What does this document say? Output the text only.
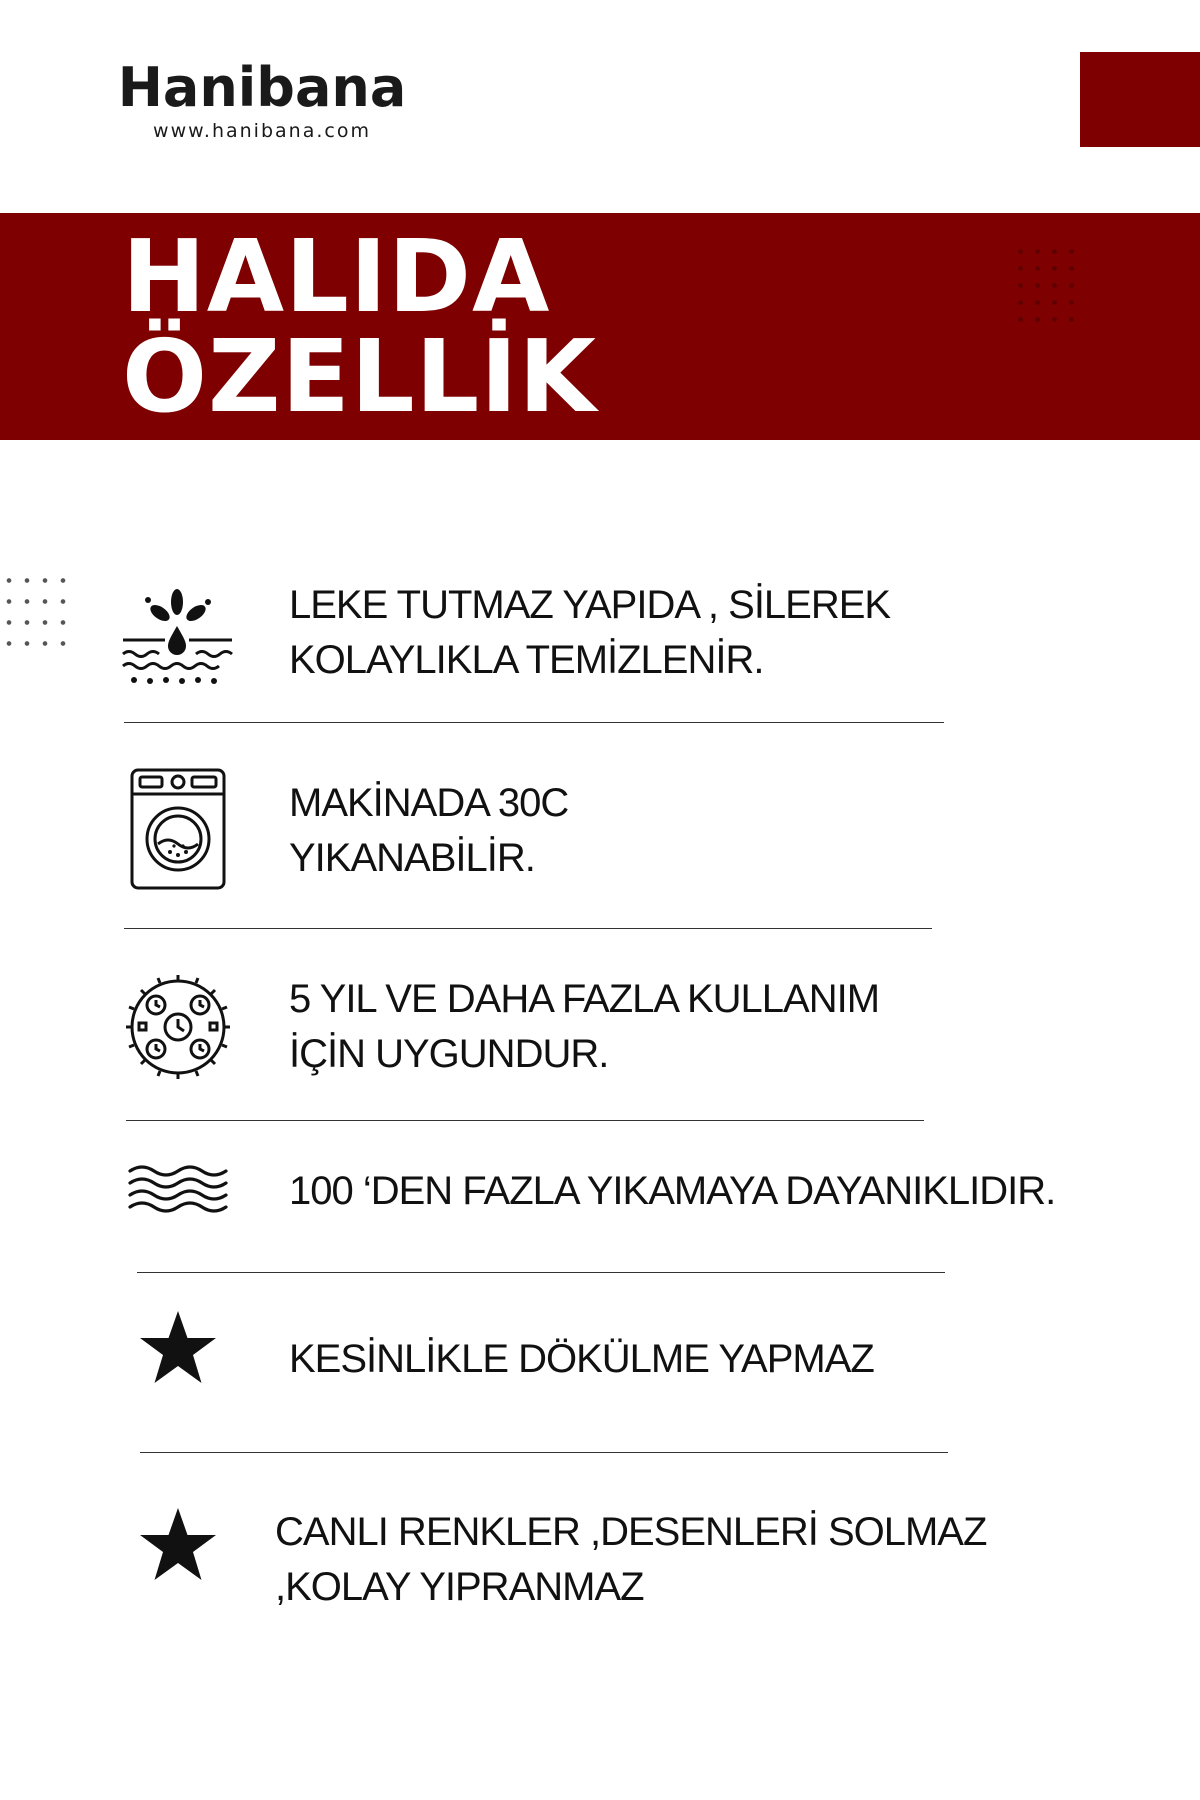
Hanibana
www.hanibana.com
HALIDA
ÖZELLİK
LEKE TUTMAZ YAPIDA , SİLEREK
KOLAYLIKLA TEMİZLENİR.
MAKİNADA 30C
YIKANABİLİR.
5 YIL VE DAHA FAZLA KULLANIM
İÇİN UYGUNDUR.
100 ‘DEN FAZLA YIKAMAYA DAYANIKLIDIR.
KESİNLİKLE DÖKÜLME YAPMAZ
CANLI RENKLER ,DESENLERİ SOLMAZ
,KOLAY YIPRANMAZ
